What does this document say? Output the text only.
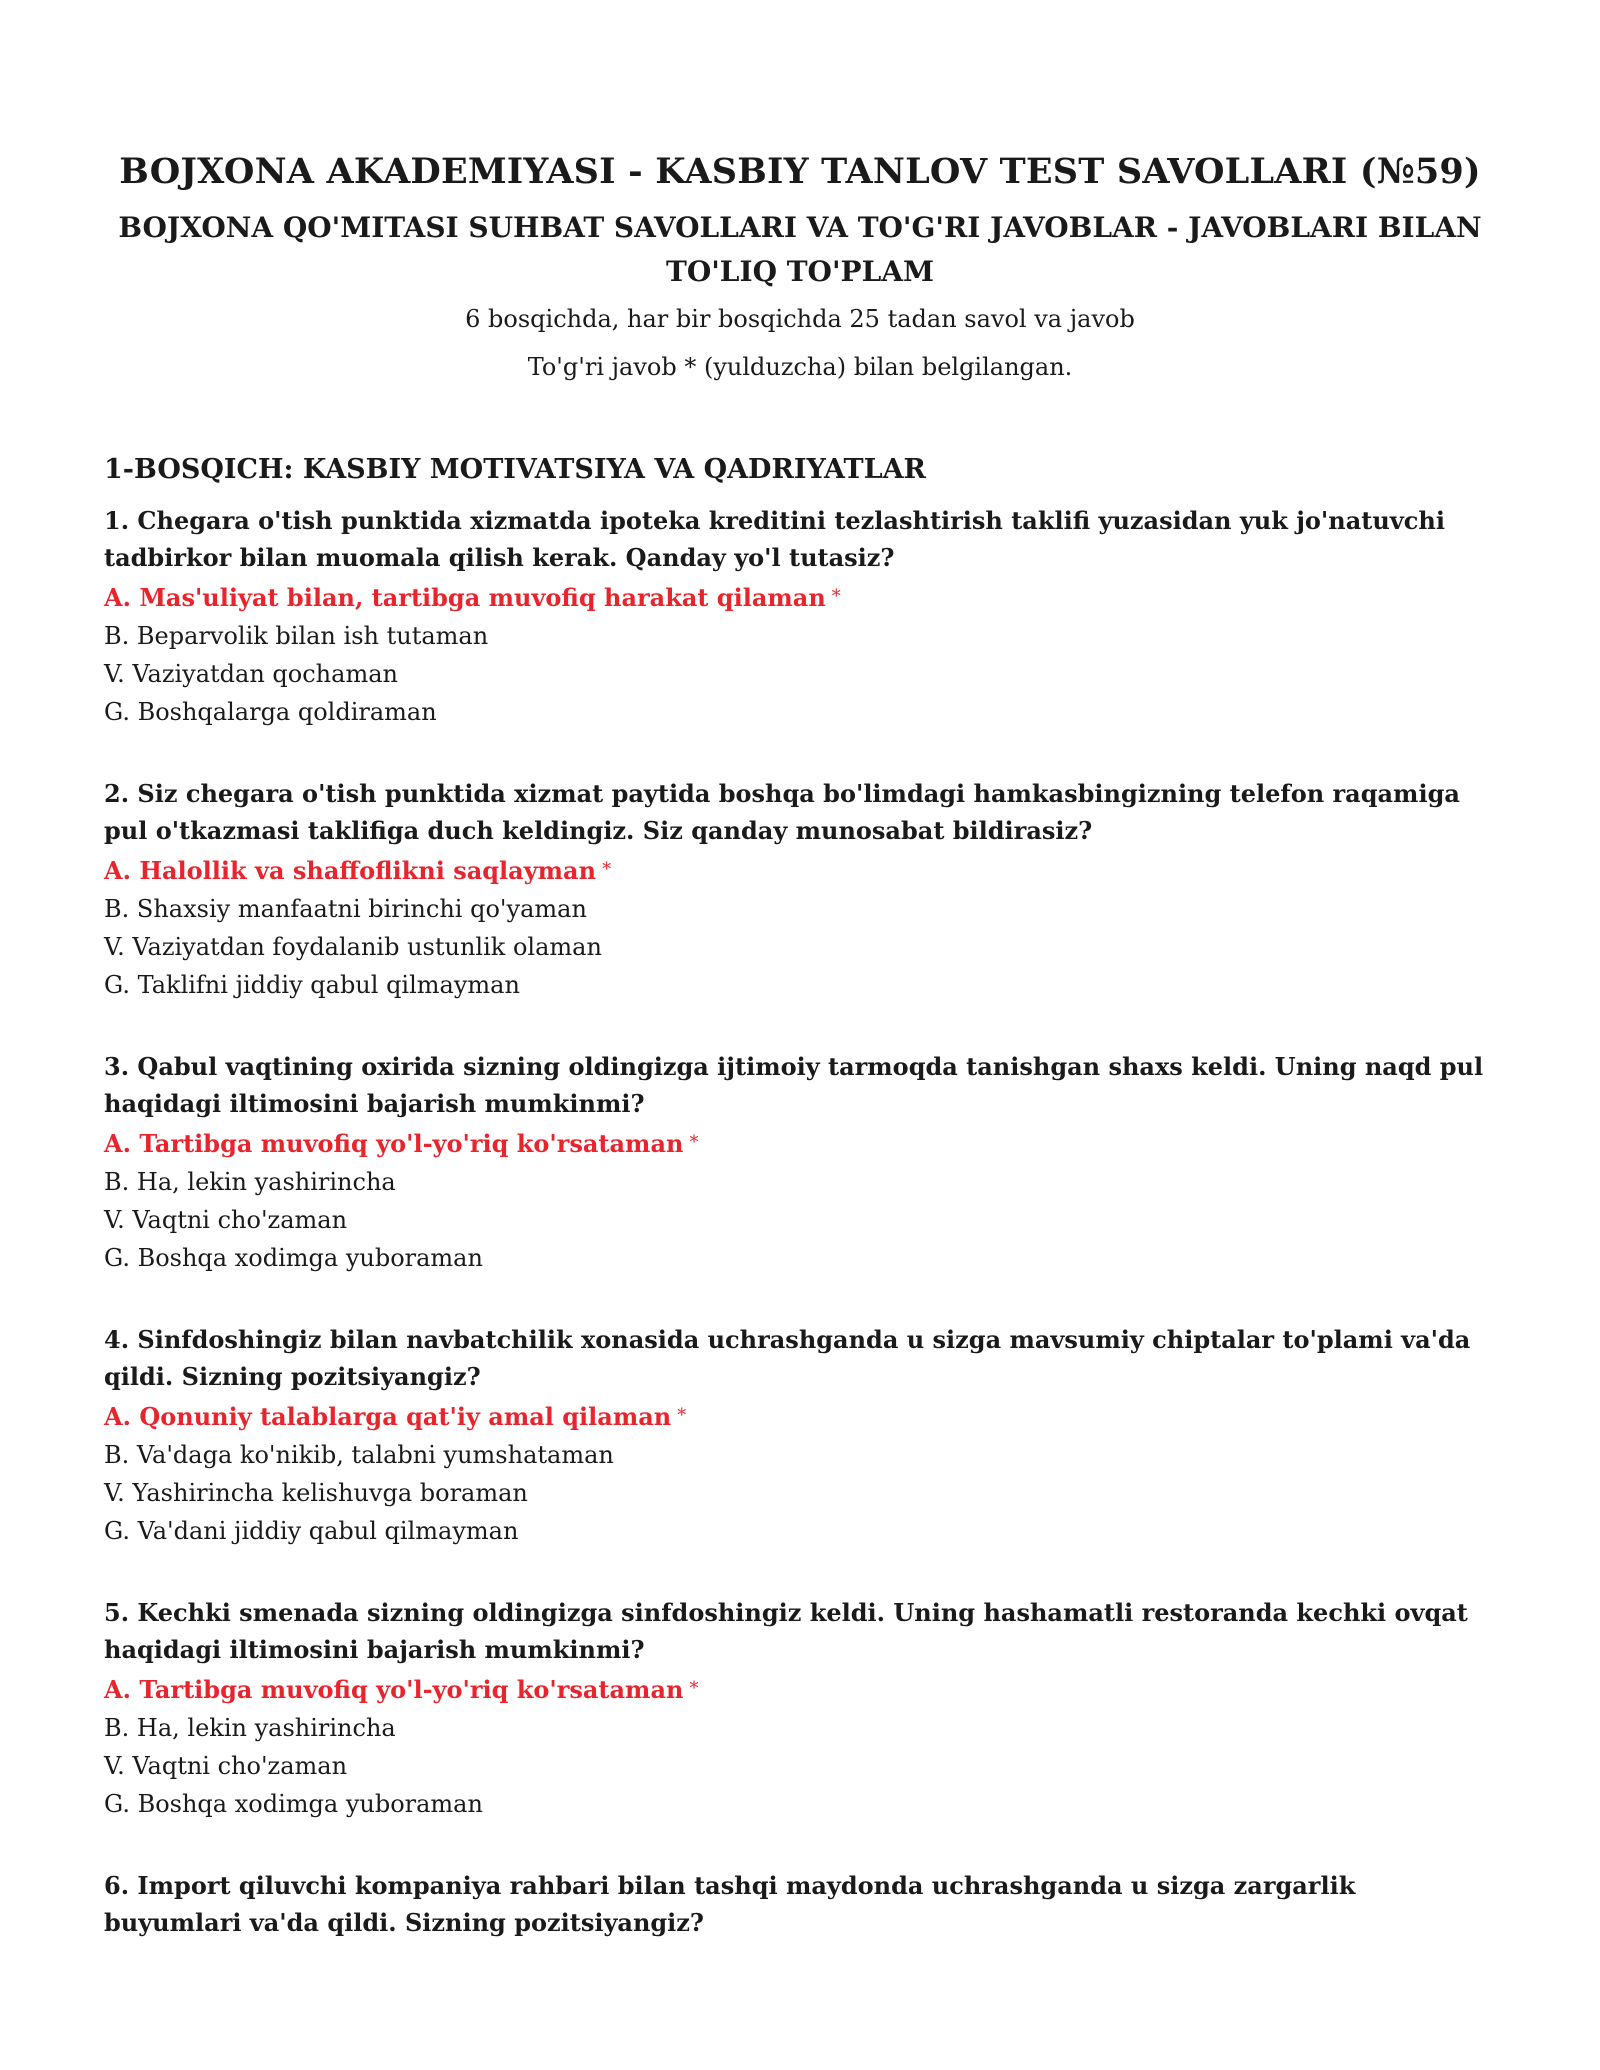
BOJXONA AKADEMIYASI - KASBIY TANLOV TEST SAVOLLARI (№59)
BOJXONA QO'MITASI SUHBAT SAVOLLARI VA TO'G'RI JAVOBLAR - JAVOBLARI BILAN TO'LIQ TO'PLAM
6 bosqichda, har bir bosqichda 25 tadan savol va javob
To'g'ri javob * (yulduzcha) bilan belgilangan.
1-BOSQICH: KASBIY MOTIVATSIYA VA QADRIYATLAR
1. Chegara o'tish punktida xizmatda ipoteka kreditini tezlashtirish taklifi yuzasidan yuk jo'natuvchi tadbirkor bilan muomala qilish kerak. Qanday yo'l tutasiz?
A. Mas'uliyat bilan, tartibga muvofiq harakat qilaman *
B. Beparvolik bilan ish tutaman
V. Vaziyatdan qochaman
G. Boshqalarga qoldiraman
2. Siz chegara o'tish punktida xizmat paytida boshqa bo'limdagi hamkasbingizning telefon raqamiga pul o'tkazmasi taklifiga duch keldingiz. Siz qanday munosabat bildirasiz?
A. Halollik va shaffoflikni saqlayman *
B. Shaxsiy manfaatni birinchi qo'yaman
V. Vaziyatdan foydalanib ustunlik olaman
G. Taklifni jiddiy qabul qilmayman
3. Qabul vaqtining oxirida sizning oldingizga ijtimoiy tarmoqda tanishgan shaxs keldi. Uning naqd pul haqidagi iltimosini bajarish mumkinmi?
A. Tartibga muvofiq yo'l-yo'riq ko'rsataman *
B. Ha, lekin yashirincha
V. Vaqtni cho'zaman
G. Boshqa xodimga yuboraman
4. Sinfdoshingiz bilan navbatchilik xonasida uchrashganda u sizga mavsumiy chiptalar to'plami va'da qildi. Sizning pozitsiyangiz?
A. Qonuniy talablarga qat'iy amal qilaman *
B. Va'daga ko'nikib, talabni yumshataman
V. Yashirincha kelishuvga boraman
G. Va'dani jiddiy qabul qilmayman
5. Kechki smenada sizning oldingizga sinfdoshingiz keldi. Uning hashamatli restoranda kechki ovqat haqidagi iltimosini bajarish mumkinmi?
A. Tartibga muvofiq yo'l-yo'riq ko'rsataman *
B. Ha, lekin yashirincha
V. Vaqtni cho'zaman
G. Boshqa xodimga yuboraman
6. Import qiluvchi kompaniya rahbari bilan tashqi maydonda uchrashganda u sizga zargarlik buyumlari va'da qildi. Sizning pozitsiyangiz?
